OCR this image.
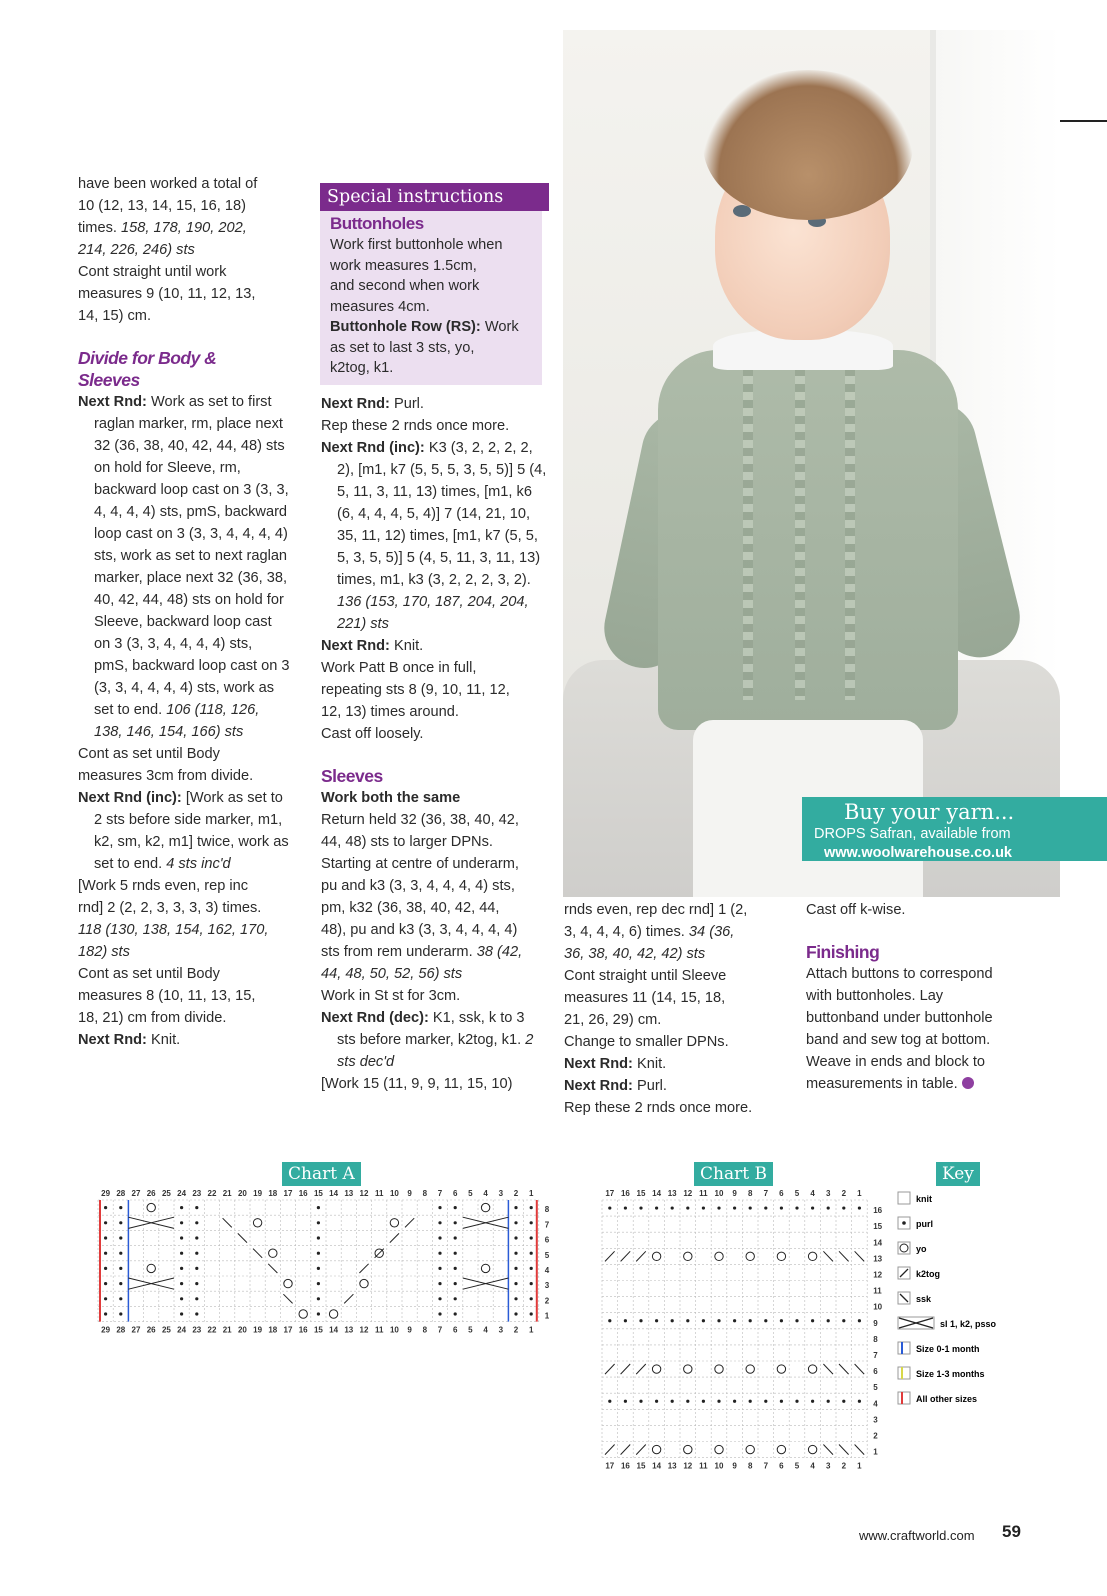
have been worked a total of

10 (12, 13, 14, 15, 16, 18)

times. 158, 178, 190, 202,

214, 226, 246) sts

Cont straight until work

measures 9 (10, 11, 12, 13,

14, 15) cm.

Divide for Body &

Sleeves

Next Rnd: Work as set to first raglan marker, rm, place next 32 (36, 38, 40, 42, 44, 48) sts on hold for Sleeve, rm, backward loop cast on 3 (3, 3, 4, 4, 4, 4) sts, pmS, backward loop cast on 3 (3, 3, 4, 4, 4, 4) sts, work as set to next raglan marker, place next 32 (36, 38, 40, 42, 44, 48) sts on hold for Sleeve, backward loop cast on 3 (3, 3, 4, 4, 4, 4) sts, pmS, backward loop cast on 3 (3, 3, 4, 4, 4, 4) sts, work as set to end. 106 (118, 126, 138, 146, 154, 166) sts

Cont as set until Body

measures 3cm from divide.

Next Rnd (inc): [Work as set to 2 sts before side marker, m1, k2, sm, k2, m1] twice, work as set to end. 4 sts inc'd

[Work 5 rnds even, rep inc

rnd] 2 (2, 2, 3, 3, 3, 3) times.

118 (130, 138, 154, 162, 170,

182) sts

Cont as set until Body

measures 8 (10, 11, 13, 15,

18, 21) cm from divide.

Next Rnd: Knit.

Special instructions

Buttonholes

Work first buttonhole when

work measures 1.5cm,

and second when work

measures 4cm.

Buttonhole Row (RS): Work

as set to last 3 sts, yo,

k2tog, k1.

Next Rnd: Purl.

Rep these 2 rnds once more.

Next Rnd (inc): K3 (3, 2, 2, 2, 2, 2), [m1, k7 (5, 5, 5, 3, 5, 5)] 5 (4, 5, 11, 3, 11, 13) times, [m1, k6 (6, 4, 4, 4, 5, 4)] 7 (14, 21, 10, 35, 11, 12) times, [m1, k7 (5, 5, 5, 3, 5, 5)] 5 (4, 5, 11, 3, 11, 13) times, m1, k3 (3, 2, 2, 2, 3, 2). 136 (153, 170, 187, 204, 204, 221) sts

Next Rnd: Knit.

Work Patt B once in full,

repeating sts 8 (9, 10, 11, 12,

12, 13) times around.

Cast off loosely.

Sleeves

Work both the same

Return held 32 (36, 38, 40, 42,

44, 48) sts to larger DPNs.

Starting at centre of underarm,

pu and k3 (3, 3, 4, 4, 4, 4) sts,

pm, k32 (36, 38, 40, 42, 44,

48), pu and k3 (3, 3, 4, 4, 4, 4)

sts from rem underarm. 38 (42,

44, 48, 50, 52, 56) sts

Work in St st for 3cm.

Next Rnd (dec): K1, ssk, k to 3 sts before marker, k2tog, k1. 2 sts dec'd

[Work 15 (11, 9, 9, 11, 15, 10)

Buy your yarn...
DROPS Safran, available from
www.woolwarehouse.co.uk

rnds even, rep dec rnd] 1 (2,

3, 4, 4, 4, 6) times. 34 (36,

36, 38, 40, 42, 42) sts

Cont straight until Sleeve

measures 11 (14, 15, 18,

21, 26, 29) cm.

Change to smaller DPNs.

Next Rnd: Knit.

Next Rnd: Purl.

Rep these 2 rnds once more.

Cast off k-wise.

Finishing

Attach buttons to correspond

with buttonholes. Lay

buttonband under buttonhole

band and sew tog at bottom.

Weave in ends and block to

measurements in table.

Chart A	Chart B	Key
29
29
28
28
27
27
26
26
25
25
24
24
23
23
22
22
21
21
20
20
19
19
18
18
17
17
16
16
15
15
14
14
13
13
12
12
11
11
10
10
9
9
8
8
7
7
6
6
5
5
4
4
3
3
2
2
1
1
8
7
6
5
4
3
2
1
17
17
16
16
15
15
14
14
13
13
12
12
11
11
10
10
9
9
8
8
7
7
6
6
5
5
4
4
3
3
2
2
1
1
16
15
14
13
12
11
10
9
8
7
6
5
4
3
2
1
knit
purl
yo
k2tog
ssk
sl 1, k2, psso
Size 0-1 month
Size 1-3 months
All other sizes
www.craftworld.com 59
